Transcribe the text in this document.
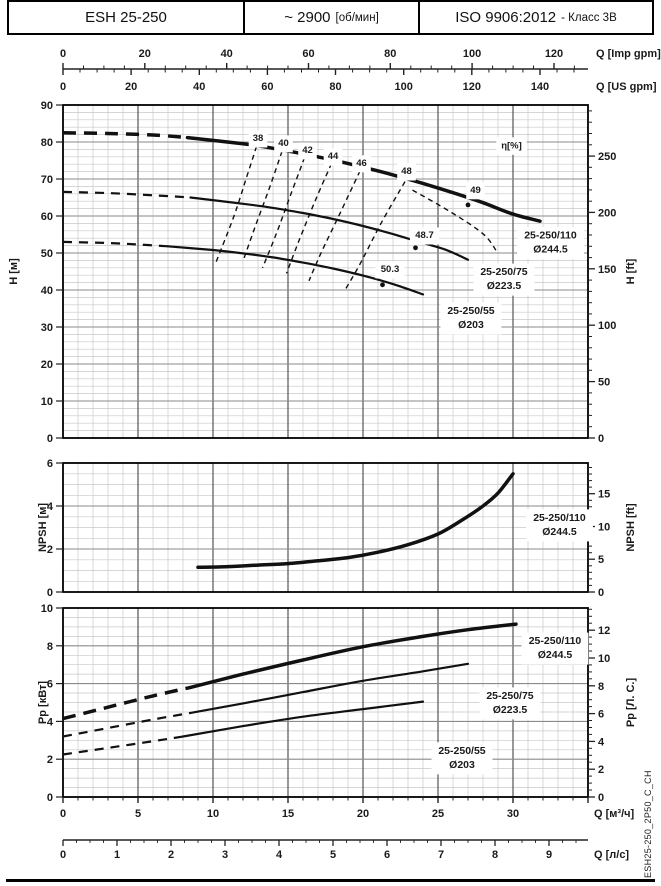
ESH 25-250	~ 2900 [об/мин]	ISO 9906:2012 - Класс 3В
0	20	40	60	80	100	120	Q [Imp gpm]
0	20	40	60	80	100	120	140	Q [US gpm]
0
10
20
30
40
50
60
70
80
90
0
50
100
150
200
250
38 40
42
44
46
48
49
48.7
50.3
η[%]
25-250/110
Ø244.5
25-250/75
Ø223.5
25-250/55
Ø203
H [м]	H [ft]
0
2
4
6
0
5
10
15
25-250/110
Ø244.5
NPSH [м]	NPSH [ft]
0
2
4
6
8
10
0
2
4
6
8
10
12
25-250/110
Ø244.5
25-250/75
Ø223.5
25-250/55
Ø203
Pp [кВт]	Pp [Л. С.]
0	5	10	15	20	25	30	Q [м³/ч]
0	1	2	3	4	5	6	7	8	9	Q [л/с] ESH25-250_2P50_C_CH
